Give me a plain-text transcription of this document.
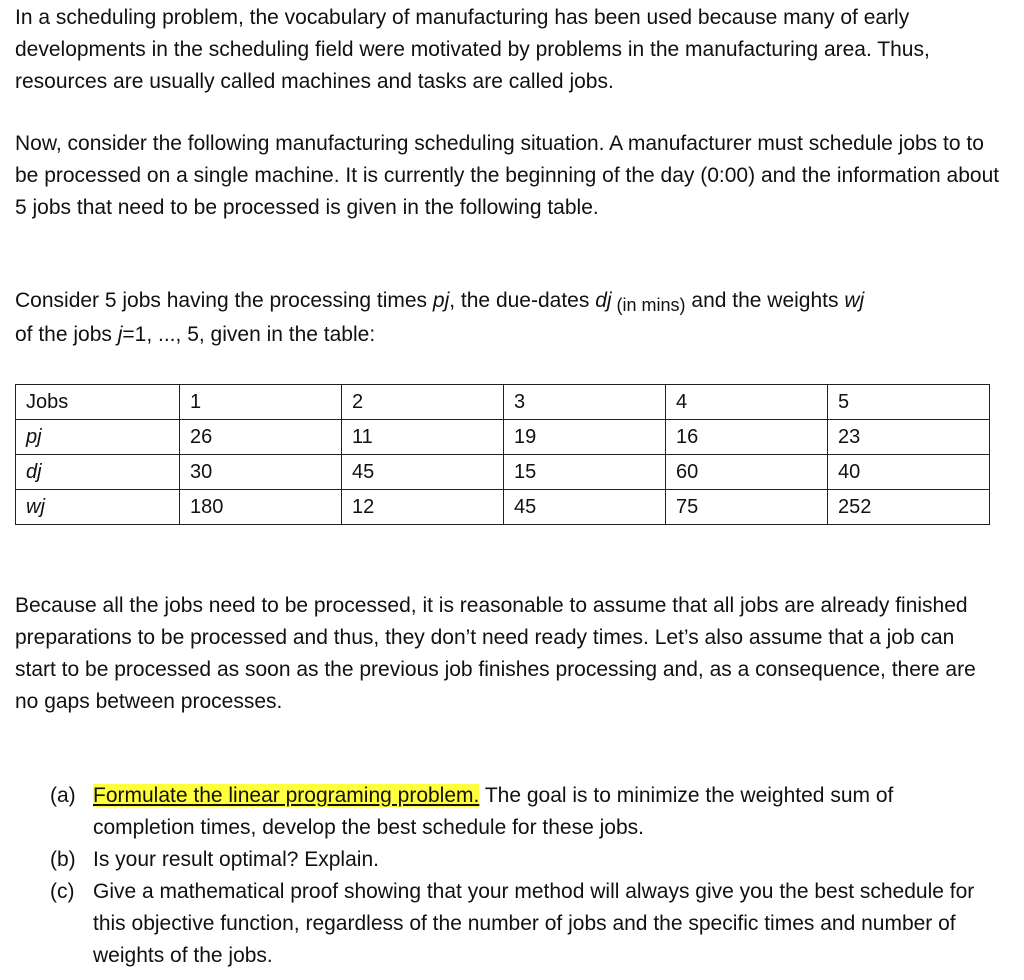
In a scheduling problem, the vocabulary of manufacturing has been used because many of early developments in the scheduling field were motivated by problems in the manufacturing area. Thus, resources are usually called machines and tasks are called jobs.

Now, consider the following manufacturing scheduling situation. A manufacturer must schedule jobs to to be processed on a single machine. It is currently the beginning of the day (0:00) and the information about 5 jobs that need to be processed is given in the following table.

Consider 5 jobs having the processing times pj, the due-dates dj (in mins) and the weights wj
of the jobs j=1, ..., 5, given in the table:

Jobs	1	2	3	4	5
pj	26	11	19	16	23
dj	30	45	15	60	40
wj	180	12	45	75	252

Because all the jobs need to be processed, it is reasonable to assume that all jobs are already finished preparations to be processed and thus, they don’t need ready times. Let’s also assume that a job can start to be processed as soon as the previous job finishes processing and, as a consequence, there are no gaps between processes.

(a) Formulate the linear programing problem. The goal is to minimize the weighted sum of completion times, develop the best schedule for these jobs.
(b) Is your result optimal? Explain.
(c) Give a mathematical proof showing that your method will always give you the best schedule for this objective function, regardless of the number of jobs and the specific times and number of weights of the jobs.
